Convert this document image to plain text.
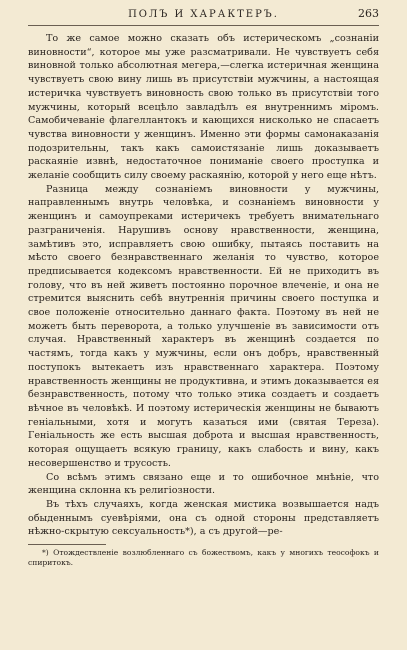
ПОЛЪ И ХАРАКТЕРЪ.	263

То же самое можно сказать объ истерическомъ „сознаніи виновности“, которое мы уже разсматривали. Не чувствуетъ себя виновной только абсолютная мегера,—слегка истеричная женщина чувствуетъ свою вину лишь въ присутствіи мужчины, а настоящая истеричка чувствуетъ виновность свою только въ присутствіи того мужчины, который всецѣло завладѣлъ ея внутреннимъ міромъ. Самобичеваніе флагеллантокъ и кающихся нисколько не спасаетъ чувства виновности у женщинъ. Именно эти формы самонаказанія подозрительны, такъ какъ самоистязаніе лишь доказываетъ раскаяніе извнѣ, недостаточное пониманіе своего проступка и желаніе сообщить силу своему раскаянію, которой у него еще нѣтъ.

Разница между сознаніемъ виновности у мужчины, направленнымъ внутрь человѣка, и сознаніемъ виновности у женщинъ и самоупреками истеричекъ требуетъ внимательнаго разграниченія. Нарушивъ основу нравственности, женщина, замѣтивъ это, исправляетъ свою ошибку, пытаясь поставить на мѣсто своего безнравственнаго желанія то чувство, которое предписывается кодексомъ нравственности. Ей не приходитъ въ голову, что въ ней живетъ постоянно порочное влеченіе, и она не стремится выяснить себѣ внутреннія причины своего поступка и свое положеніе относительно даннаго факта. Поэтому въ ней не можетъ быть переворота, а только улучшеніе въ зависимости отъ случая. Нравственный характеръ въ женщинѣ создается по частямъ, тогда какъ у мужчины, если онъ добръ, нравственный поступокъ вытекаетъ изъ нравственнаго характера. Поэтому нравственность женщины не продуктивна, и этимъ доказывается ея безнравственность, потому что только этика создаетъ и создаетъ вѣчное въ человѣкѣ. И поэтому истерическія женщины не бываютъ геніальными, хотя и могутъ казаться ими (святая Тереза). Геніальность же есть высшая доброта и высшая нравственность, которая ощущаетъ всякую границу, какъ слабость и вину, какъ несовершенство и трусость.

Со всѣмъ этимъ связано еще и то ошибочное мнѣніе, что женщина склонна къ религіозности.

Въ тѣхъ случаяхъ, когда женская мистика возвышается надъ обыденнымъ суевѣріями, она съ одной стороны представляетъ нѣжно-скрытую сексуальность*), а съ другой—ре-

*) Отождествленіе возлюбленнаго съ божествомъ, какъ у многихъ теософокъ и спиритокъ.
